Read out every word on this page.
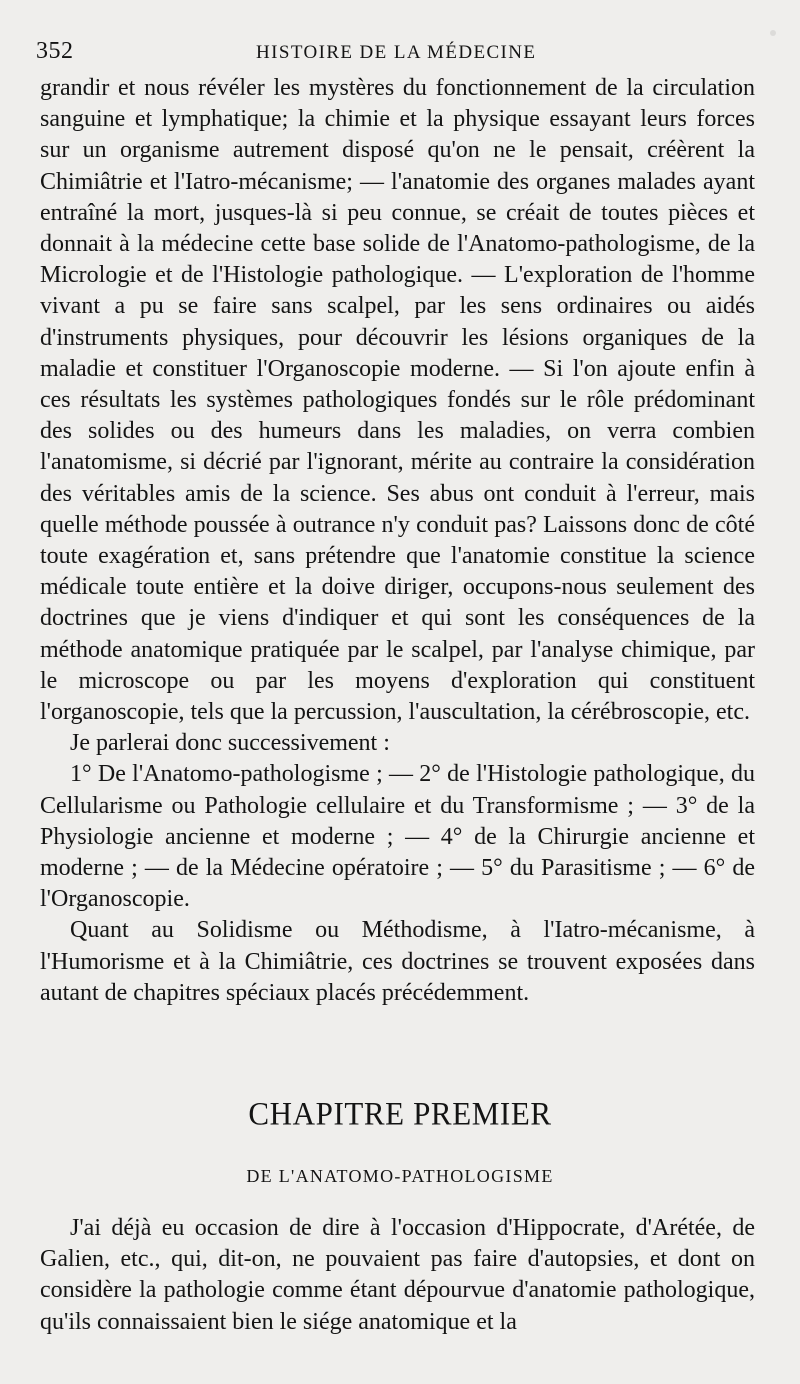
352	HISTOIRE DE LA MÉDECINE

grandir et nous révéler les mystères du fonctionnement de la circulation sanguine et lymphatique; la chimie et la physique essayant leurs forces sur un organisme autrement disposé qu'on ne le pensait, créèrent la Chimiâtrie et l'Iatro-mécanisme; — l'anatomie des organes malades ayant entraîné la mort, jusques-là si peu connue, se créait de toutes pièces et donnait à la médecine cette base solide de l'Anatomo-pathologisme, de la Micrologie et de l'Histologie pathologique. — L'exploration de l'homme vivant a pu se faire sans scalpel, par les sens ordinaires ou aidés d'instruments physiques, pour découvrir les lésions organiques de la maladie et constituer l'Organoscopie moderne. — Si l'on ajoute enfin à ces résultats les systèmes pathologiques fondés sur le rôle prédominant des solides ou des humeurs dans les maladies, on verra combien l'anatomisme, si décrié par l'ignorant, mérite au contraire la considération des véritables amis de la science. Ses abus ont conduit à l'erreur, mais quelle méthode poussée à outrance n'y conduit pas? Laissons donc de côté toute exagération et, sans prétendre que l'anatomie constitue la science médicale toute entière et la doive diriger, occupons-nous seulement des doctrines que je viens d'indiquer et qui sont les conséquences de la méthode anatomique pratiquée par le scalpel, par l'analyse chimique, par le microscope ou par les moyens d'exploration qui constituent l'organoscopie, tels que la percussion, l'auscultation, la cérébroscopie, etc.

Je parlerai donc successivement :

1° De l'Anatomo-pathologisme ; — 2° de l'Histologie pathologique, du Cellularisme ou Pathologie cellulaire et du Transformisme ; — 3° de la Physiologie ancienne et moderne ; — 4° de la Chirurgie ancienne et moderne ; — de la Médecine opératoire ; — 5° du Parasitisme ; — 6° de l'Organoscopie.

Quant au Solidisme ou Méthodisme, à l'Iatro-mécanisme, à l'Humorisme et à la Chimiâtrie, ces doctrines se trouvent exposées dans autant de chapitres spéciaux placés précédemment.

CHAPITRE PREMIER
DE L'ANATOMO-PATHOLOGISME

J'ai déjà eu occasion de dire à l'occasion d'Hippocrate, d'Arétée, de Galien, etc., qui, dit-on, ne pouvaient pas faire d'autopsies, et dont on considère la pathologie comme étant dépourvue d'anatomie pathologique, qu'ils connaissaient bien le siége anatomique et la
